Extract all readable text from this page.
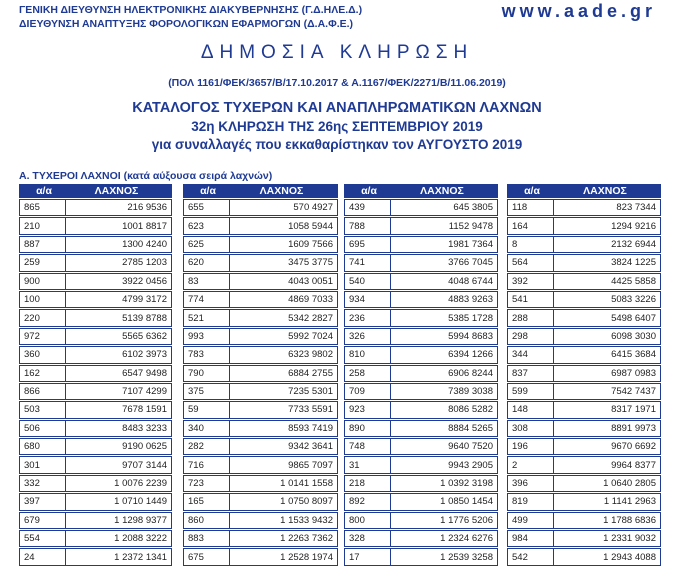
ΓΕΝΙΚΗ ΔΙΕΥΘΥΝΣΗ ΗΛΕΚΤΡΟΝΙΚΗΣ ΔΙΑΚΥΒΕΡΝΗΣΗΣ (Γ.Δ.ΗΛΕ.Δ.)
ΔΙΕΥΘΥΝΣΗ ΑΝΑΠΤΥΞΗΣ ΦΟΡΟΛΟΓΙΚΩΝ ΕΦΑΡΜΟΓΩΝ (Δ.Α.Φ.Ε.)
www.aade.gr
ΔΗΜΟΣΙΑ ΚΛΗΡΩΣΗ
(ΠΟΛ 1161/ΦΕΚ/3657/Β/17.10.2017 & Α.1167/ΦΕΚ/2271/Β/11.06.2019)
ΚΑΤΑΛΟΓΟΣ ΤΥΧΕΡΩΝ ΚΑΙ ΑΝΑΠΛΗΡΩΜΑΤΙΚΩΝ ΛΑΧΝΩΝ
32η ΚΛΗΡΩΣΗ ΤΗΣ 26ης ΣΕΠΤΕΜΒΡΙΟΥ 2019
για συναλλαγές που εκκαθαρίστηκαν τον ΑΥΓΟΥΣΤΟ 2019
Α. ΤΥΧΕΡΟΙ ΛΑΧΝΟΙ (κατά αύξουσα σειρά λαχνών)
α/α	ΛΑΧΝΟΣ
865	216 9536
210	1001 8817
887	1300 4240
259	2785 1203
900	3922 0456
100	4799 3172
220	5139 8788
972	5565 6362
360	6102 3973
162	6547 9498
866	7107 4299
503	7678 1591
506	8483 3233
680	9190 0625
301	9707 3144
332	1 0076 2239
397	1 0710 1449
679	1 1298 9377
554	1 2088 3222
24	1 2372 1341
α/α	ΛΑΧΝΟΣ
655	570 4927
623	1058 5944
625	1609 7566
620	3475 3775
83	4043 0051
774	4869 7033
521	5342 2827
993	5992 7024
783	6323 9802
790	6884 2755
375	7235 5301
59	7733 5591
340	8593 7419
282	9342 3641
716	9865 7097
723	1 0141 1558
165	1 0750 8097
860	1 1533 9432
883	1 2263 7362
675	1 2528 1974
α/α	ΛΑΧΝΟΣ
439	645 3805
788	1152 9478
695	1981 7364
741	3766 7045
540	4048 6744
934	4883 9263
236	5385 1728
326	5994 8683
810	6394 1266
258	6906 8244
709	7389 3038
923	8086 5282
890	8884 5265
748	9640 7520
31	9943 2905
218	1 0392 3198
892	1 0850 1454
800	1 1776 5206
328	1 2324 6276
17	1 2539 3258
α/α	ΛΑΧΝΟΣ
118	823 7344
164	1294 9216
8	2132 6944
564	3824 1225
392	4425 5858
541	5083 3226
288	5498 6407
298	6098 3030
344	6415 3684
837	6987 0983
599	7542 7437
148	8317 1971
308	8891 9973
196	9670 6692
2	9964 8377
396	1 0640 2805
819	1 1141 2963
499	1 1788 6836
984	1 2331 9032
542	1 2943 4088
